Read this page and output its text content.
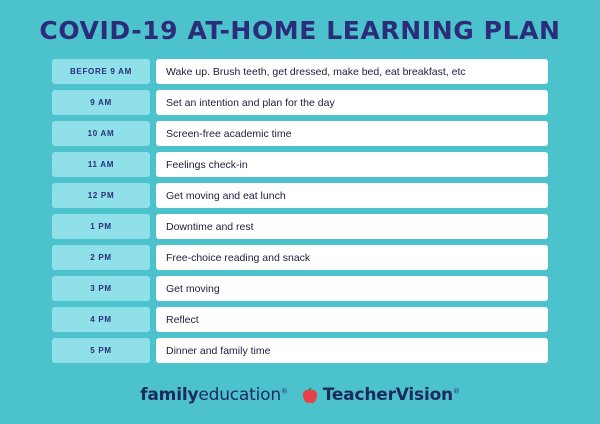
COVID-19 AT-HOME LEARNING PLAN
BEFORE 9 AM	Wake up. Brush teeth, get dressed, make bed, eat breakfast, etc
9 AM	Set an intention and plan for the day
10 AM	Screen-free academic time
11 AM	Feelings check-in
12 PM	Get moving and eat lunch
1 PM	Downtime and rest
2 PM	Free-choice reading and snack
3 PM	Get moving
4 PM	Reflect
5 PM	Dinner and family time
familyeducation® TeacherVision®
